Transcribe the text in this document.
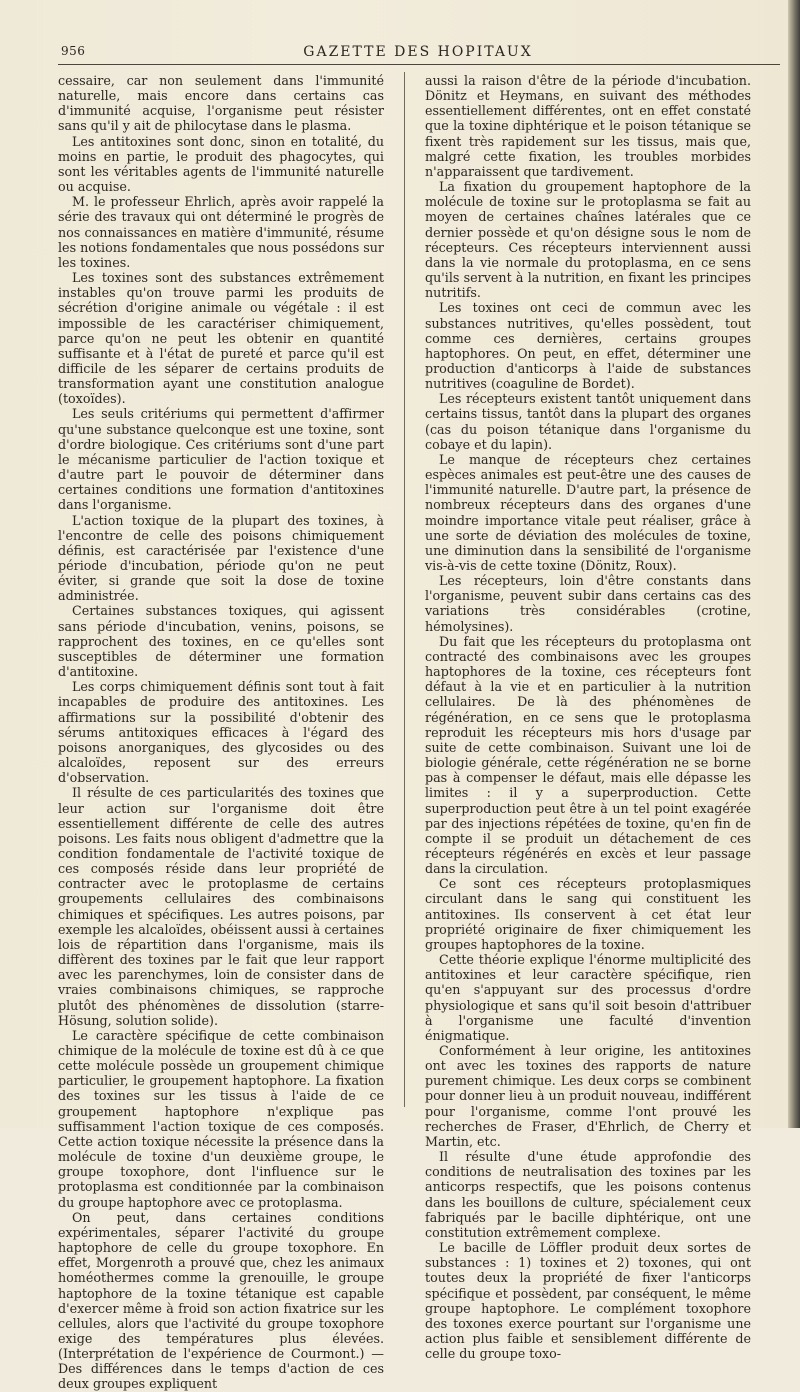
956	GAZETTE DES HOPITAUX

cessaire, car non seulement dans l'immunité naturelle, mais encore dans certains cas d'immunité acquise, l'organisme peut résister sans qu'il y ait de philocytase dans le plasma.

Les antitoxines sont donc, sinon en totalité, du moins en partie, le produit des phagocytes, qui sont les véritables agents de l'immunité naturelle ou acquise.

M. le professeur Ehrlich, après avoir rappelé la série des travaux qui ont déterminé le progrès de nos connaissances en matière d'immunité, résume les notions fondamentales que nous possédons sur les toxines.

Les toxines sont des substances extrêmement instables qu'on trouve parmi les produits de sécrétion d'origine animale ou végétale : il est impossible de les caractériser chimiquement, parce qu'on ne peut les obtenir en quantité suffisante et à l'état de pureté et parce qu'il est difficile de les séparer de certains produits de transformation ayant une constitution analogue (toxoïdes).

Les seuls critériums qui permettent d'affirmer qu'une substance quelconque est une toxine, sont d'ordre biologique. Ces critériums sont d'une part le mécanisme particulier de l'action toxique et d'autre part le pouvoir de déterminer dans certaines conditions une formation d'antitoxines dans l'organisme.

L'action toxique de la plupart des toxines, à l'encontre de celle des poisons chimiquement définis, est caractérisée par l'existence d'une période d'incubation, période qu'on ne peut éviter, si grande que soit la dose de toxine administrée.

Certaines substances toxiques, qui agissent sans période d'incubation, venins, poisons, se rapprochent des toxines, en ce qu'elles sont susceptibles de déterminer une formation d'antitoxine.

Les corps chimiquement définis sont tout à fait incapables de produire des antitoxines. Les affirmations sur la possibilité d'obtenir des sérums antitoxiques efficaces à l'égard des poisons anorganiques, des glycosides ou des alcaloïdes, reposent sur des erreurs d'observation.

Il résulte de ces particularités des toxines que leur action sur l'organisme doit être essentiellement différente de celle des autres poisons. Les faits nous obligent d'admettre que la condition fondamentale de l'activité toxique de ces composés réside dans leur propriété de contracter avec le protoplasme de certains groupements cellulaires des combinaisons chimiques et spécifiques. Les autres poisons, par exemple les alcaloïdes, obéissent aussi à certaines lois de répartition dans l'organisme, mais ils diffèrent des toxines par le fait que leur rapport avec les parenchymes, loin de consister dans de vraies combinaisons chimiques, se rapproche plutôt des phénomènes de dissolution (starre-Hösung, solution solide).

Le caractère spécifique de cette combinaison chimique de la molécule de toxine est dû à ce que cette molécule possède un groupement chimique particulier, le groupement haptophore. La fixation des toxines sur les tissus à l'aide de ce groupement haptophore n'explique pas suffisamment l'action toxique de ces composés. Cette action toxique nécessite la présence dans la molécule de toxine d'un deuxième groupe, le groupe toxophore, dont l'influence sur le protoplasma est conditionnée par la combinaison du groupe haptophore avec ce protoplasma.

On peut, dans certaines conditions expérimentales, séparer l'activité du groupe haptophore de celle du groupe toxophore. En effet, Morgenroth a prouvé que, chez les animaux homéothermes comme la grenouille, le groupe haptophore de la toxine tétanique est capable d'exercer même à froid son action fixatrice sur les cellules, alors que l'activité du groupe toxophore exige des températures plus élevées. (Interprétation de l'expérience de Courmont.) — Des différences dans le temps d'action de ces deux groupes expliquent

aussi la raison d'être de la période d'incubation. Dönitz et Heymans, en suivant des méthodes essentiellement différentes, ont en effet constaté que la toxine diphtérique et le poison tétanique se fixent très rapidement sur les tissus, mais que, malgré cette fixation, les troubles morbides n'apparaissent que tardivement.

La fixation du groupement haptophore de la molécule de toxine sur le protoplasma se fait au moyen de certaines chaînes latérales que ce dernier possède et qu'on désigne sous le nom de récepteurs. Ces récepteurs interviennent aussi dans la vie normale du protoplasma, en ce sens qu'ils servent à la nutrition, en fixant les principes nutritifs.

Les toxines ont ceci de commun avec les substances nutritives, qu'elles possèdent, tout comme ces dernières, certains groupes haptophores. On peut, en effet, déterminer une production d'anticorps à l'aide de substances nutritives (coaguline de Bordet).

Les récepteurs existent tantôt uniquement dans certains tissus, tantôt dans la plupart des organes (cas du poison tétanique dans l'organisme du cobaye et du lapin).

Le manque de récepteurs chez certaines espèces animales est peut-être une des causes de l'immunité naturelle. D'autre part, la présence de nombreux récepteurs dans des organes d'une moindre importance vitale peut réaliser, grâce à une sorte de déviation des molécules de toxine, une diminution dans la sensibilité de l'organisme vis-à-vis de cette toxine (Dönitz, Roux).

Les récepteurs, loin d'être constants dans l'organisme, peuvent subir dans certains cas des variations très considérables (crotine, hémolysines).

Du fait que les récepteurs du protoplasma ont contracté des combinaisons avec les groupes haptophores de la toxine, ces récepteurs font défaut à la vie et en particulier à la nutrition cellulaires. De là des phénomènes de régénération, en ce sens que le protoplasma reproduit les récepteurs mis hors d'usage par suite de cette combinaison. Suivant une loi de biologie générale, cette régénération ne se borne pas à compenser le défaut, mais elle dépasse les limites : il y a superproduction. Cette superproduction peut être à un tel point exagérée par des injections répétées de toxine, qu'en fin de compte il se produit un détachement de ces récepteurs régénérés en excès et leur passage dans la circulation.

Ce sont ces récepteurs protoplasmiques circulant dans le sang qui constituent les antitoxines. Ils conservent à cet état leur propriété originaire de fixer chimiquement les groupes haptophores de la toxine.

Cette théorie explique l'énorme multiplicité des antitoxines et leur caractère spécifique, rien qu'en s'appuyant sur des processus d'ordre physiologique et sans qu'il soit besoin d'attribuer à l'organisme une faculté d'invention énigmatique.

Conformément à leur origine, les antitoxines ont avec les toxines des rapports de nature purement chimique. Les deux corps se combinent pour donner lieu à un produit nouveau, indifférent pour l'organisme, comme l'ont prouvé les recherches de Fraser, d'Ehrlich, de Cherry et Martin, etc.

Il résulte d'une étude approfondie des conditions de neutralisation des toxines par les anticorps respectifs, que les poisons contenus dans les bouillons de culture, spécialement ceux fabriqués par le bacille diphtérique, ont une constitution extrêmement complexe.

Le bacille de Löffler produit deux sortes de substances : 1) toxines et 2) toxones, qui ont toutes deux la propriété de fixer l'anticorps spécifique et possèdent, par conséquent, le même groupe haptophore. Le complément toxophore des toxones exerce pourtant sur l'organisme une action plus faible et sensiblement différente de celle du groupe toxo-
